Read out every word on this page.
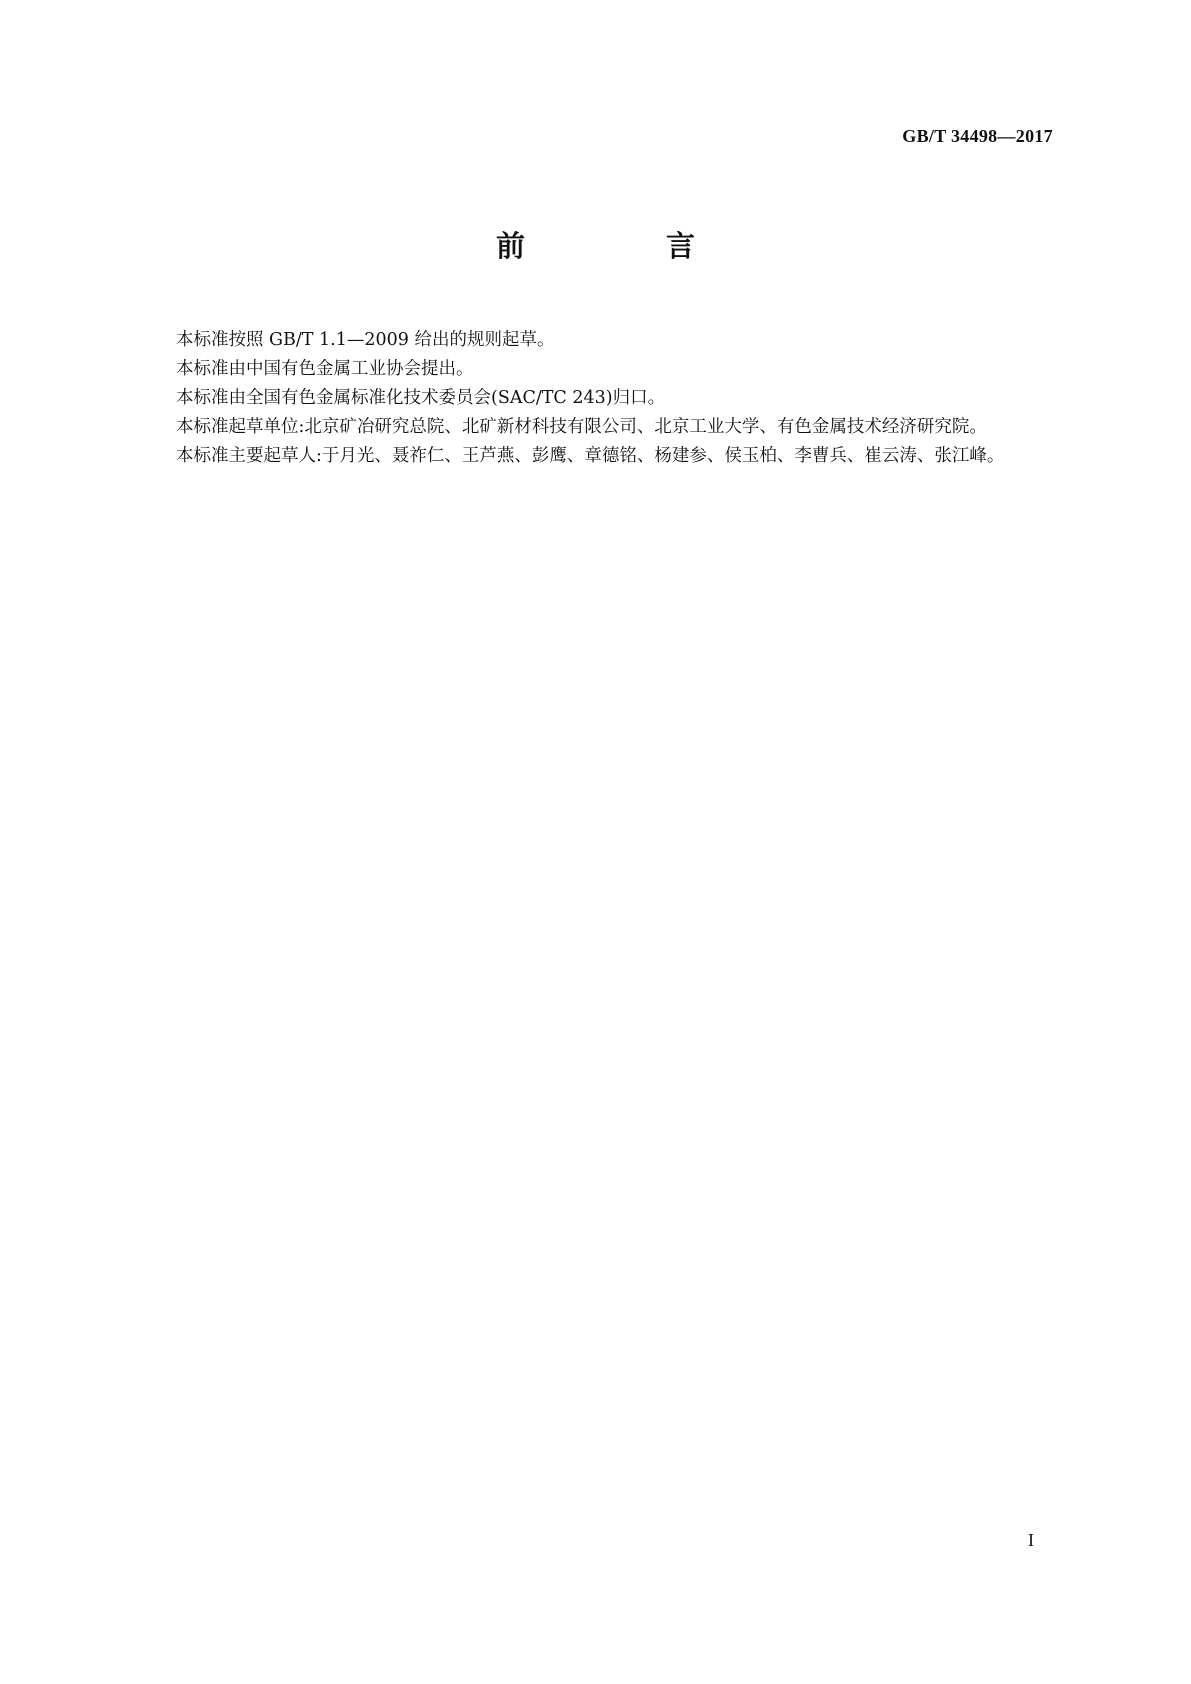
GB/T 34498—2017
前　言

本标准按照 GB/T 1.1—2009 给出的规则起草。

本标准由中国有色金属工业协会提出。

本标准由全国有色金属标准化技术委员会(SAC/TC 243)归口。

本标准起草单位:北京矿冶研究总院、北矿新材科技有限公司、北京工业大学、有色金属技术经济研究院。

本标准主要起草人:于月光、聂祚仁、王芦燕、彭鹰、章德铭、杨建参、侯玉柏、李曹兵、崔云涛、张江峰。

I
